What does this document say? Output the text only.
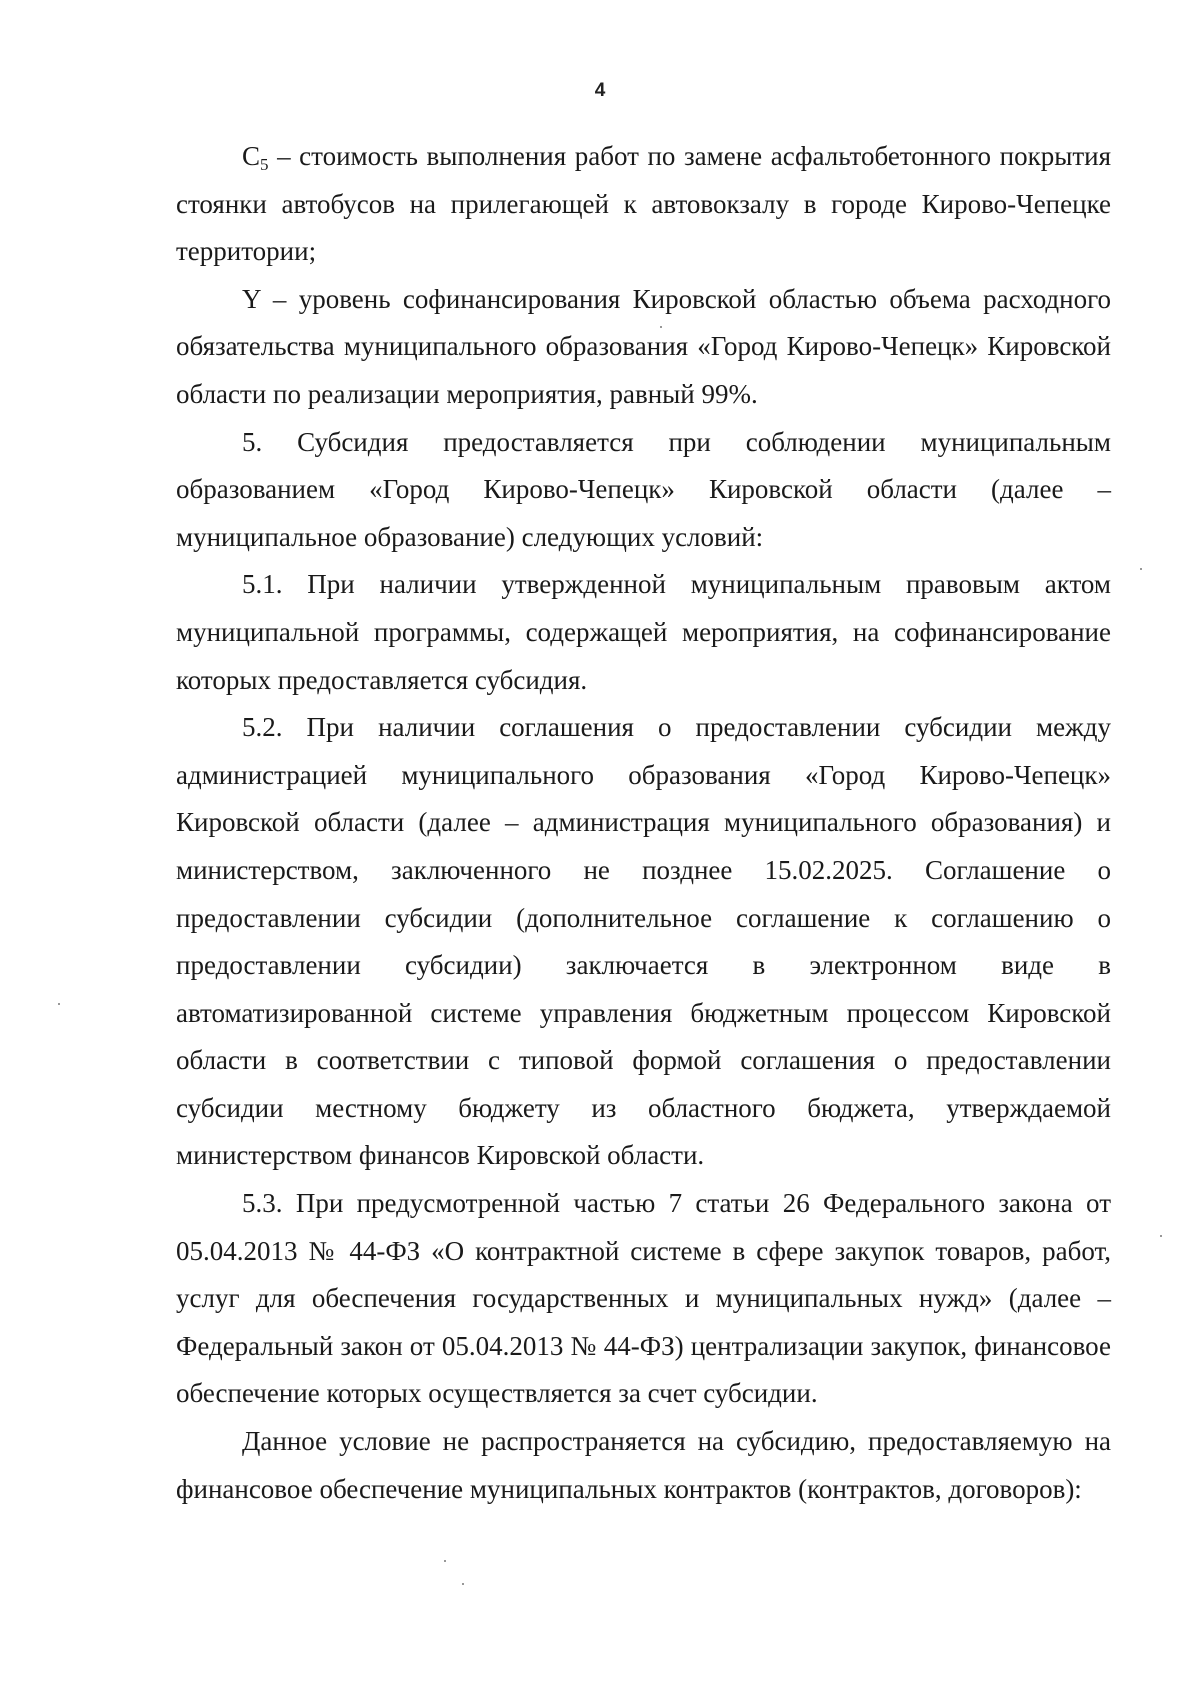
4

C5 – стоимость выполнения работ по замене асфальтобетонного покрытия стоянки автобусов на прилегающей к автовокзалу в городе Кирово-Чепецке территории;

Y – уровень софинансирования Кировской областью объема расходного обязательства муниципального образования «Город Кирово-Чепецк» Кировской области по реализации мероприятия, равный 99%.

5. Субсидия предоставляется при соблюдении муниципальным образованием «Город Кирово-Чепецк» Кировской области (далее – муниципальное образование) следующих условий:

5.1. При наличии утвержденной муниципальным правовым актом муниципальной программы, содержащей мероприятия, на софинансирование которых предоставляется субсидия.

5.2. При наличии соглашения о предоставлении субсидии между администрацией муниципального образования «Город Кирово-Чепецк» Кировской области (далее – администрация муниципального образования) и министерством, заключенного не позднее 15.02.2025. Соглашение о предоставлении субсидии (дополнительное соглашение к соглашению о предоставлении субсидии) заключается в электронном виде в автоматизированной системе управления бюджетным процессом Кировской области в соответствии с типовой формой соглашения о предоставлении субсидии местному бюджету из областного бюджета, утверждаемой министерством финансов Кировской области.

5.3. При предусмотренной частью 7 статьи 26 Федерального закона от 05.04.2013 № 44-ФЗ «О контрактной системе в сфере закупок товаров, работ, услуг для обеспечения государственных и муниципальных нужд» (далее – Федеральный закон от 05.04.2013 № 44-ФЗ) централизации закупок, финансовое обеспечение которых осуществляется за счет субсидии.

Данное условие не распространяется на субсидию, предоставляемую на финансовое обеспечение муниципальных контрактов (контрактов, договоров):
